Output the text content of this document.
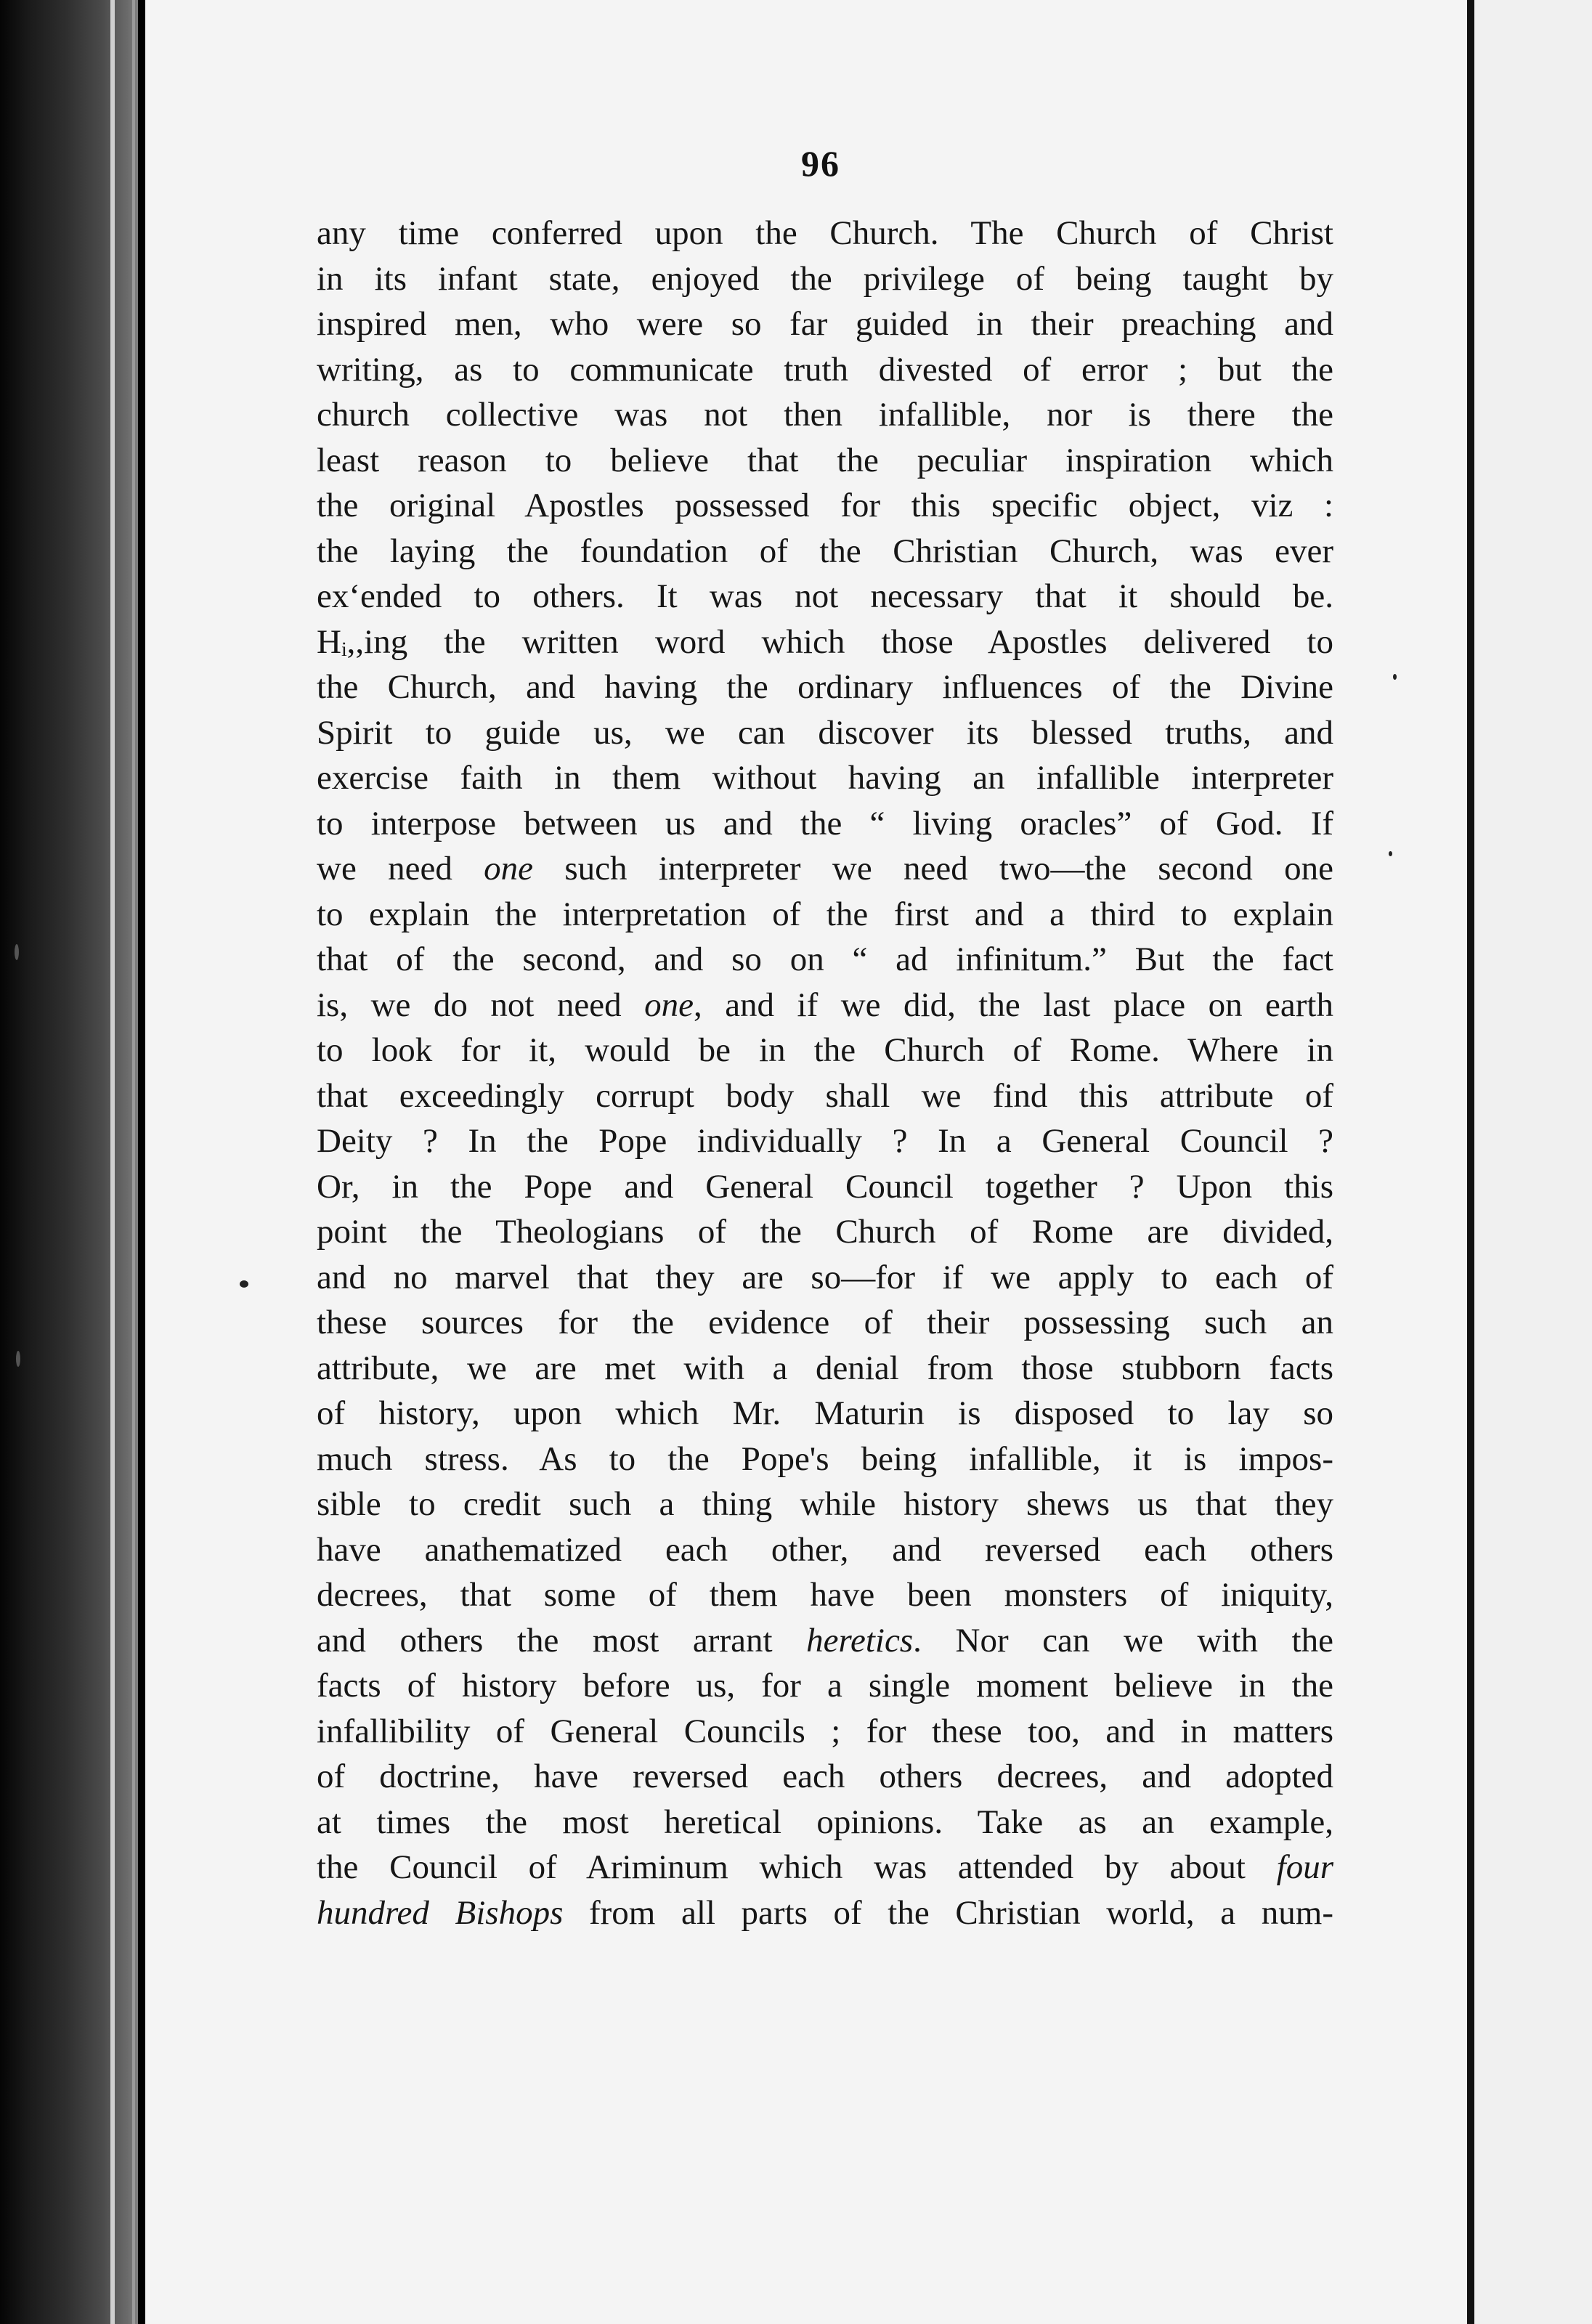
96
any time conferred upon the Church. The Church of Christ
in its infant state, enjoyed the privilege of being taught by
inspired men, who were so far guided in their preaching and
writing, as to communicate truth divested of error ; but the
church collective was not then infallible, nor is there the
least reason to believe that the peculiar inspiration which
the original Apostles possessed for this specific object, viz :
the laying the foundation of the Christian Church, was ever
exʻended to others. It was not necessary that it should be.
Hᵢ,,ing the written word which those Apostles delivered to
the Church, and having the ordinary influences of the Divine
Spirit to guide us, we can discover its blessed truths, and
exercise faith in them without having an infallible interpreter
to interpose between us and the “ living oracles” of God. If
we need one such interpreter we need two—the second one
to explain the interpretation of the first and a third to explain
that of the second, and so on “ ad infinitum.” But the fact
is, we do not need one, and if we did, the last place on earth
to look for it, would be in the Church of Rome. Where in
that exceedingly corrupt body shall we find this attribute of
Deity ? In the Pope individually ? In a General Council ?
Or, in the Pope and General Council together ? Upon this
point the Theologians of the Church of Rome are divided,
and no marvel that they are so—for if we apply to each of
these sources for the evidence of their possessing such an
attribute, we are met with a denial from those stubborn facts
of history, upon which Mr. Maturin is disposed to lay so
much stress. As to the Pope's being infallible, it is impos-
sible to credit such a thing while history shews us that they
have anathematized each other, and reversed each others
decrees, that some of them have been monsters of iniquity,
and others the most arrant heretics. Nor can we with the
facts of history before us, for a single moment believe in the
infallibility of General Councils ; for these too, and in matters
of doctrine, have reversed each others decrees, and adopted
at times the most heretical opinions. Take as an example,
the Council of Ariminum which was attended by about four
hundred Bishops from all parts of the Christian world, a num-
